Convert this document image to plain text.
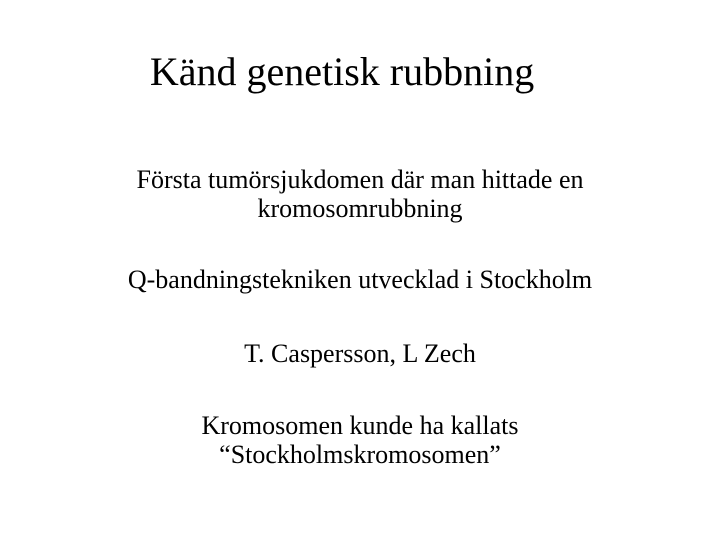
Känd genetisk rubbning
Första tumörsjukdomen där man hittade en
kromosomrubbning
Q-bandningstekniken utvecklad i Stockholm
T. Caspersson, L Zech
Kromosomen kunde ha kallats
“Stockholmskromosomen”
